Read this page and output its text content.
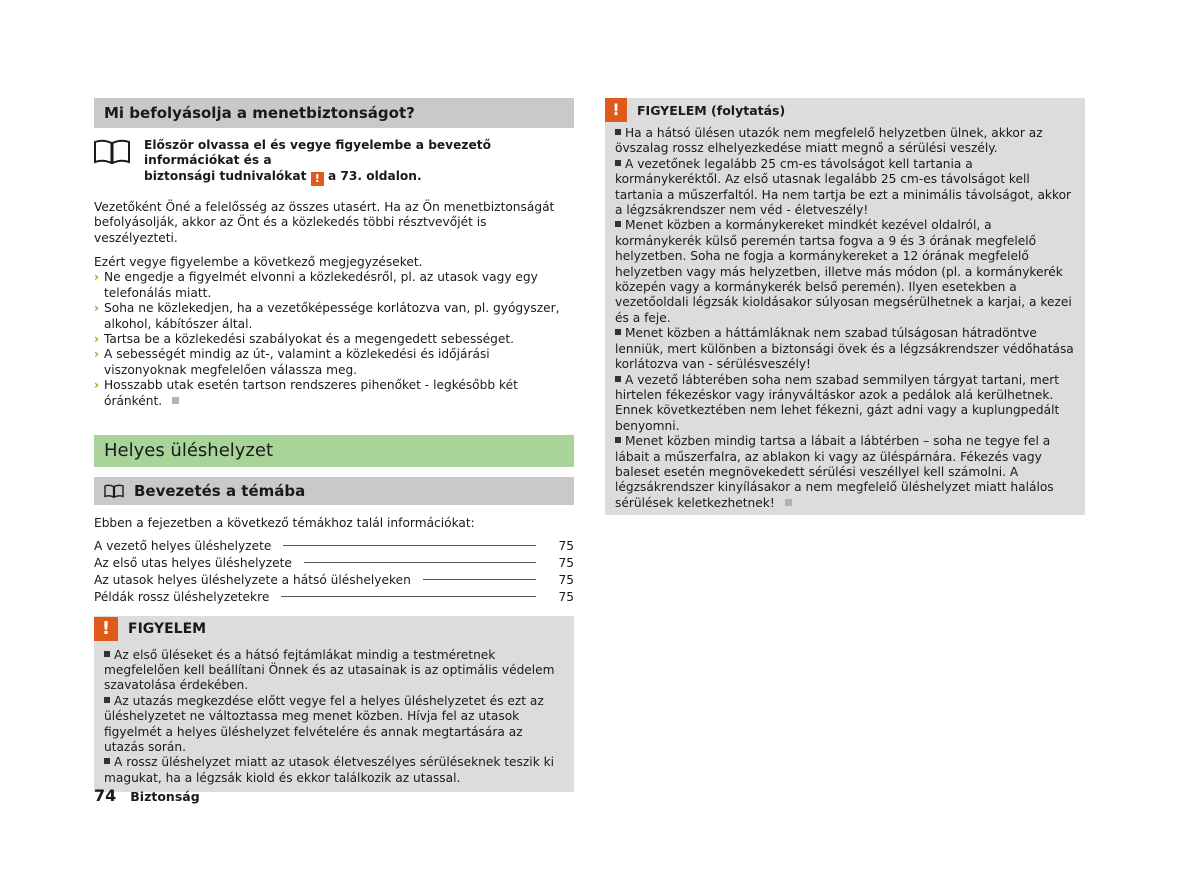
Mi befolyásolja a menetbiztonságot?
Először olvassa el és vegye figyelembe a bevezető információkat és a
biztonsági tudnivalókat ! a 73. oldalon.

Vezetőként Öné a felelősség az összes utasért. Ha az Ön menetbiztonságát befolyásolják, akkor az Önt és a közlekedés többi résztvevőjét is veszélyezteti.

Ezért vegye figyelembe a következő megjegyzéseket.

› Ne engedje a figyelmét elvonni a közlekedésről, pl. az utasok vagy egy telefonálás miatt.
› Soha ne közlekedjen, ha a vezetőképessége korlátozva van, pl. gyógyszer, alkohol, kábítószer által.
› Tartsa be a közlekedési szabályokat és a megengedett sebességet.
› A sebességét mindig az út-, valamint a közlekedési és időjárási viszonyoknak megfelelően válassza meg.
› Hosszabb utak esetén tartson rendszeres pihenőket - legkésőbb két óránként.
Helyes üléshelyzet
Bevezetés a témába

Ebben a fejezetben a következő témákhoz talál információkat:

A vezető helyes üléshelyzete	75
Az első utas helyes üléshelyzete	75
Az utasok helyes üléshelyzete a hátsó üléshelyeken	75
Példák rossz üléshelyzetekre	75
!	FIGYELEM
Az első üléseket és a hátsó fejtámlákat mindig a testméretnek megfelelően kell beállítani Önnek és az utasainak is az optimális védelem szavatolása érdekében.
Az utazás megkezdése előtt vegye fel a helyes üléshelyzetet és ezt az üléshelyzetet ne változtassa meg menet közben. Hívja fel az utasok figyelmét a helyes üléshelyzet felvételére és annak megtartására az utazás során.
A rossz üléshelyzet miatt az utasok életveszélyes sérüléseknek teszik ki magukat, ha a légzsák kiold és ekkor találkozik az utassal.
!	FIGYELEM (folytatás)
Ha a hátsó ülésen utazók nem megfelelő helyzetben ülnek, akkor az övszalag rossz elhelyezkedése miatt megnő a sérülési veszély.
A vezetőnek legalább 25 cm-es távolságot kell tartania a kormánykeréktől. Az első utasnak legalább 25 cm-es távolságot kell tartania a műszerfaltól. Ha nem tartja be ezt a minimális távolságot, akkor a légzsákrendszer nem véd - életveszély!
Menet közben a kormánykereket mindkét kezével oldalról, a kormánykerék külső peremén tartsa fogva a 9 és 3 órának megfelelő helyzetben. Soha ne fogja a kormánykereket a 12 órának megfelelő helyzetben vagy más helyzetben, illetve más módon (pl. a kormánykerék közepén vagy a kormánykerék belső peremén). Ilyen esetekben a vezetőoldali légzsák kioldásakor súlyosan megsérülhetnek a karjai, a kezei és a feje.
Menet közben a háttámláknak nem szabad túlságosan hátradöntve lenniük, mert különben a biztonsági övek és a légzsákrendszer védőhatása korlátozva van - sérülésveszély!
A vezető lábterében soha nem szabad semmilyen tárgyat tartani, mert hirtelen fékezéskor vagy irányváltáskor azok a pedálok alá kerülhetnek. Ennek következtében nem lehet fékezni, gázt adni vagy a kuplungpedált benyomni.
Menet közben mindig tartsa a lábait a lábtérben – soha ne tegye fel a lábait a műszerfalra, az ablakon ki vagy az üléspárnára. Fékezés vagy baleset esetén megnövekedett sérülési veszéllyel kell számolni. A légzsákrendszer kinyílásakor a nem megfelelő üléshelyzet miatt halálos sérülések keletkezhetnek!
74 Biztonság
